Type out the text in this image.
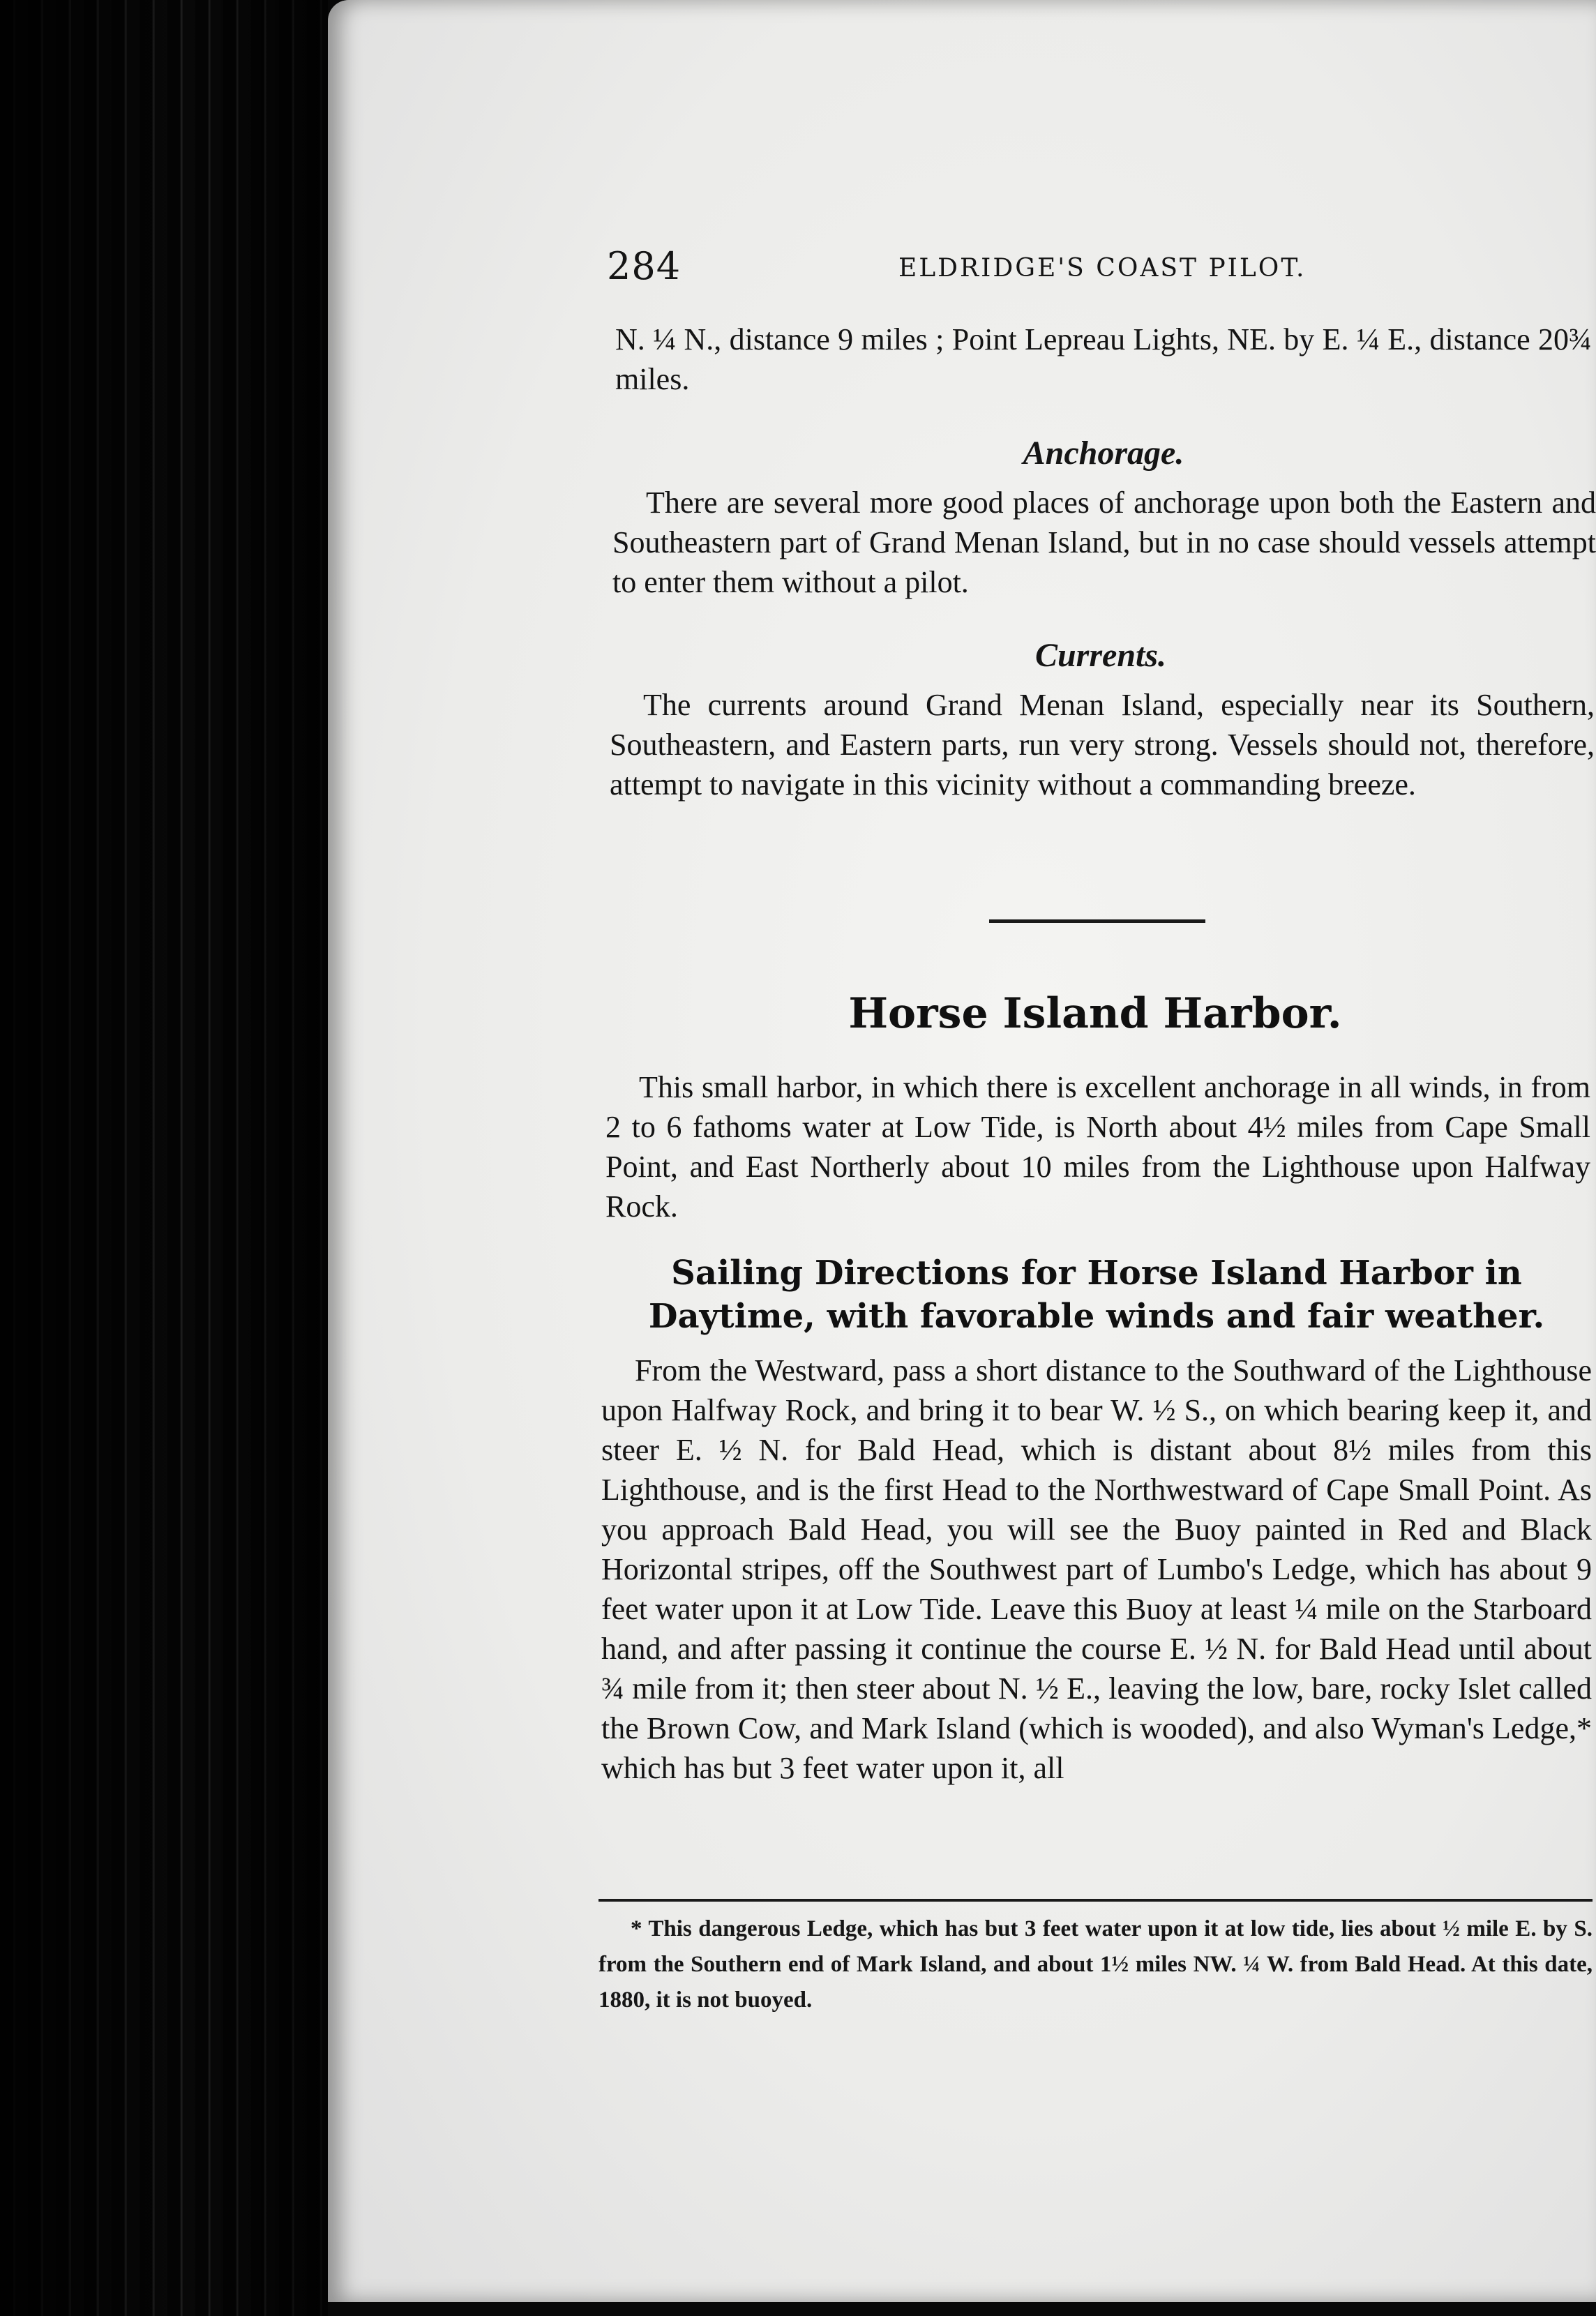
284	ELDRIDGE'S COAST PILOT.

N. ¼ N., distance 9 miles ; Point Lepreau Lights, NE. by E. ¼ E., distance 20¾ miles.

Anchorage.

There are several more good places of anchorage upon both the Eastern and Southeastern part of Grand Menan Island, but in no case should vessels attempt to enter them without a pilot.

Currents.

The currents around Grand Menan Island, especially near its Southern, Southeastern, and Eastern parts, run very strong. Vessels should not, therefore, attempt to navigate in this vicinity without a commanding breeze.

Horse Island Harbor.

This small harbor, in which there is excellent anchorage in all winds, in from 2 to 6 fathoms water at Low Tide, is North about 4½ miles from Cape Small Point, and East Northerly about 10 miles from the Lighthouse upon Halfway Rock.

Sailing Directions for Horse Island Harbor in Daytime, with favorable winds and fair weather.

From the Westward, pass a short distance to the Southward of the Lighthouse upon Halfway Rock, and bring it to bear W. ½ S., on which bearing keep it, and steer E. ½ N. for Bald Head, which is distant about 8½ miles from this Lighthouse, and is the first Head to the Northwestward of Cape Small Point. As you approach Bald Head, you will see the Buoy painted in Red and Black Horizontal stripes, off the Southwest part of Lumbo's Ledge, which has about 9 feet water upon it at Low Tide. Leave this Buoy at least ¼ mile on the Starboard hand, and after passing it continue the course E. ½ N. for Bald Head until about ¾ mile from it; then steer about N. ½ E., leaving the low, bare, rocky Islet called the Brown Cow, and Mark Island (which is wooded), and also Wyman's Ledge,* which has but 3 feet water upon it, all

* This dangerous Ledge, which has but 3 feet water upon it at low tide, lies about ½ mile E. by S. from the Southern end of Mark Island, and about 1½ miles NW. ¼ W. from Bald Head. At this date, 1880, it is not buoyed.
